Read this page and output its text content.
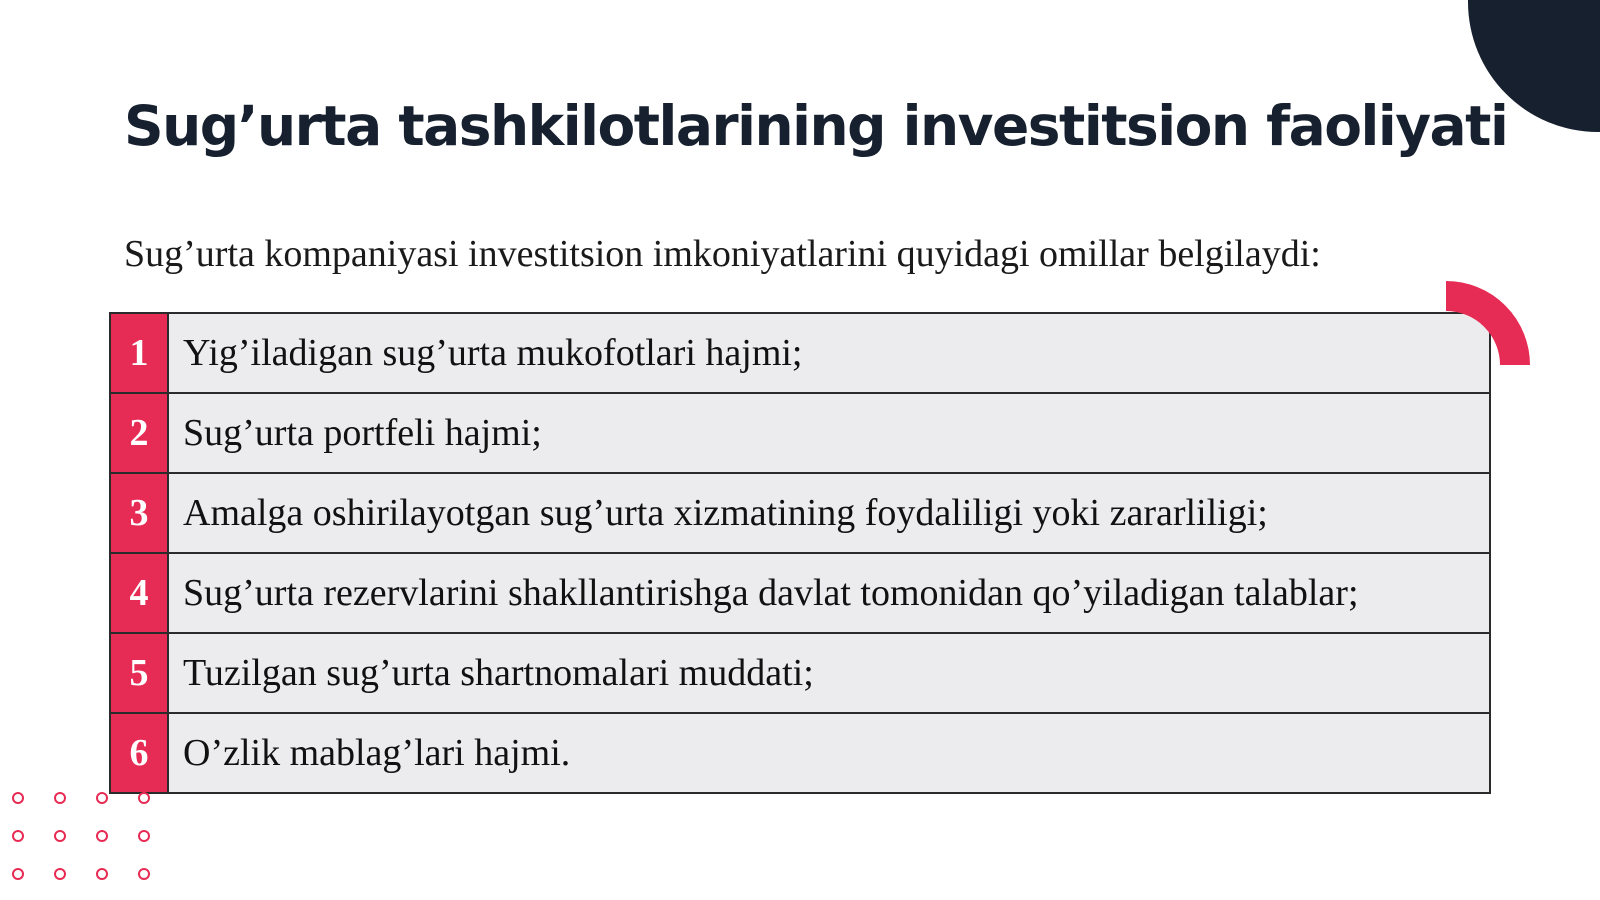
Sug’urta tashkilotlarining investitsion faoliyati

Sug’urta kompaniyasi investitsion imkoniyatlarini quyidagi omillar belgilaydi:

1	Yig’iladigan sug’urta mukofotlari hajmi;
2	Sug’urta portfeli hajmi;
3	Amalga oshirilayotgan sug’urta xizmatining foydaliligi yoki zararliligi;
4	Sug’urta rezervlarini shakllantirishga davlat tomonidan qo’yiladigan talablar;
5	Tuzilgan sug’urta shartnomalari muddati;
6	O’zlik mablag’lari hajmi.
